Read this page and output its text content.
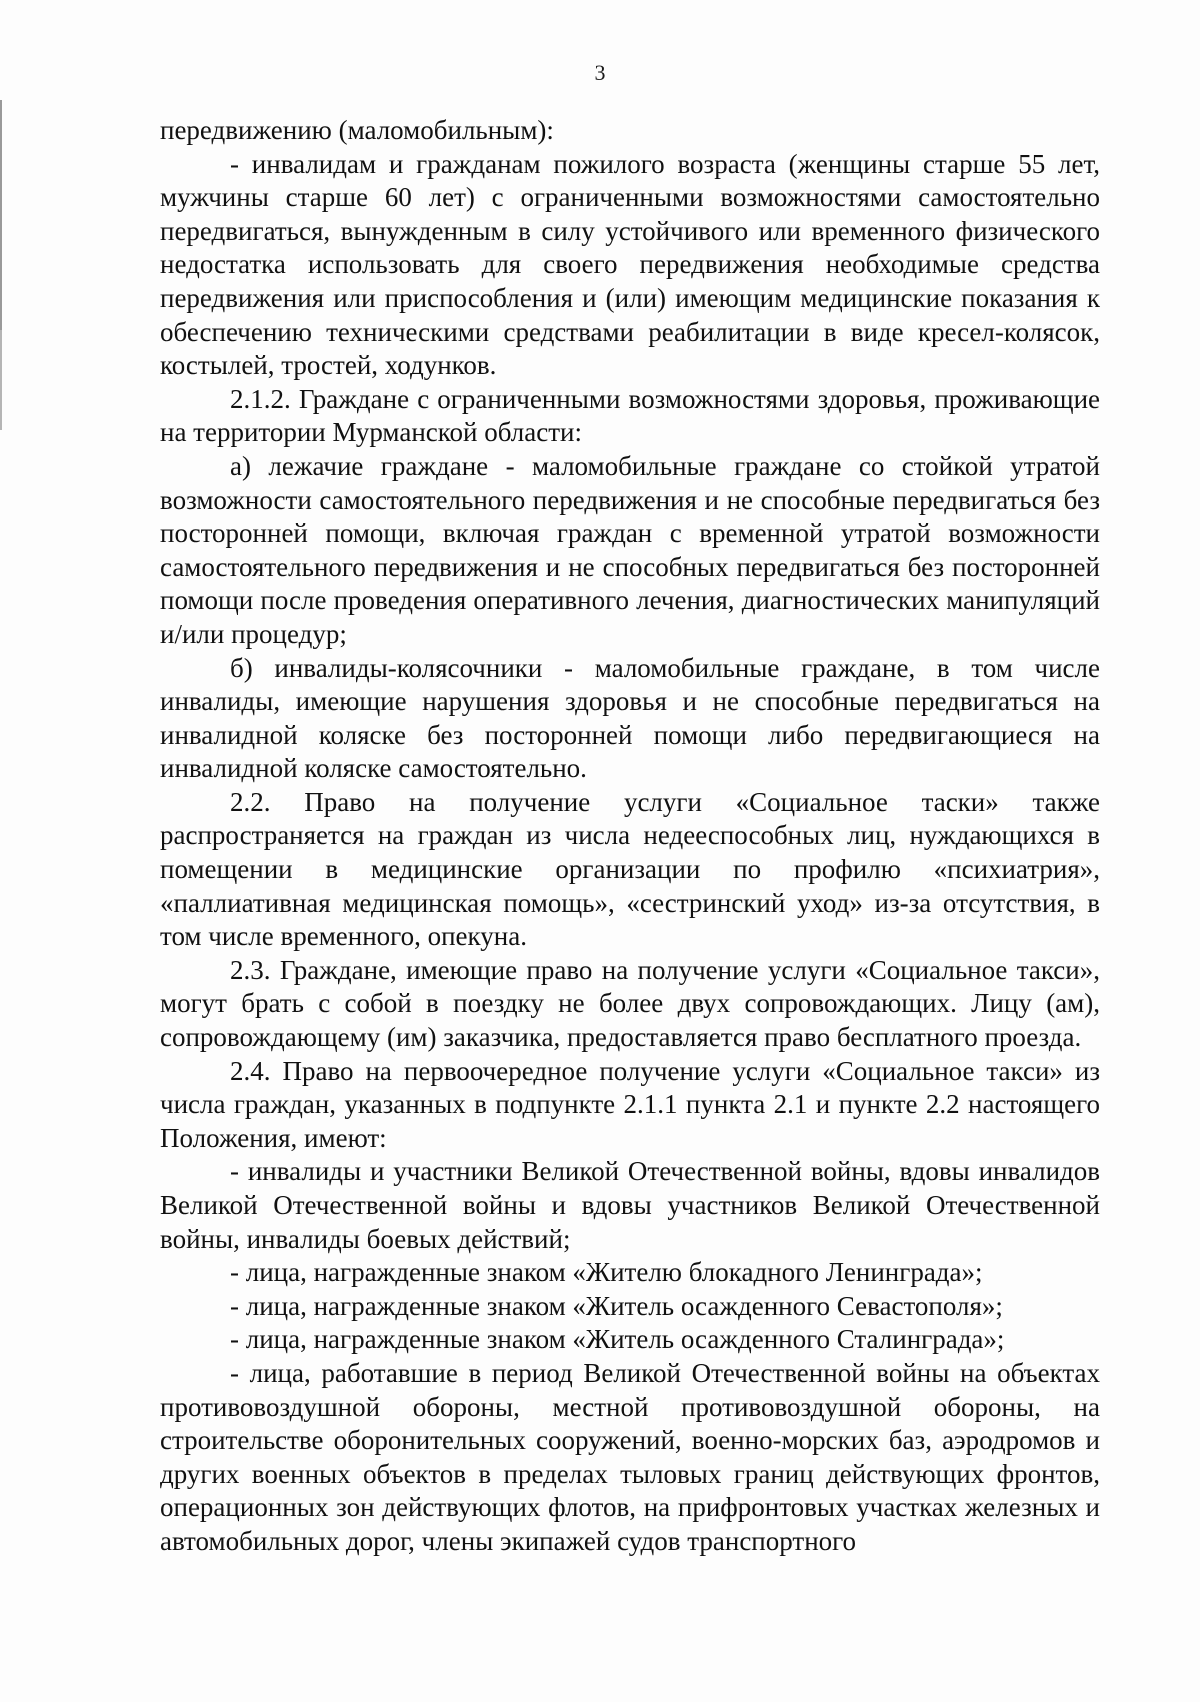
3

передвижению (маломобильным):

- инвалидам и гражданам пожилого возраста (женщины старше 55 лет, мужчины старше 60 лет) с ограниченными возможностями самостоятельно передвигаться, вынужденным в силу устойчивого или временного физического недостатка использовать для своего передвижения необходимые средства передвижения или приспособления и (или) имеющим медицинские показания к обеспечению техническими средствами реабилитации в виде кресел-колясок, костылей, тростей, ходунков.

2.1.2. Граждане с ограниченными возможностями здоровья, проживающие на территории Мурманской области:

а) лежачие граждане - маломобильные граждане со стойкой утратой возможности самостоятельного передвижения и не способные передвигаться без посторонней помощи, включая граждан с временной утратой возможности самостоятельного передвижения и не способных передвигаться без посторонней помощи после проведения оперативного лечения, диагностических манипуляций и/или процедур;

б) инвалиды-колясочники - маломобильные граждане, в том числе инвалиды, имеющие нарушения здоровья и не способные передвигаться на инвалидной коляске без посторонней помощи либо передвигающиеся на инвалидной коляске самостоятельно.

2.2. Право на получение услуги «Социальное таски» также распространяется на граждан из числа недееспособных лиц, нуждающихся в помещении в медицинские организации по профилю «психиатрия», «паллиативная медицинская помощь», «сестринский уход» из-за отсутствия, в том числе временного, опекуна.

2.3. Граждане, имеющие право на получение услуги «Социальное такси», могут брать с собой в поездку не более двух сопровождающих. Лицу (ам), сопровождающему (им) заказчика, предоставляется право бесплатного проезда.

2.4. Право на первоочередное получение услуги «Социальное такси» из числа граждан, указанных в подпункте 2.1.1 пункта 2.1 и пункте 2.2 настоящего Положения, имеют:

- инвалиды и участники Великой Отечественной войны, вдовы инвалидов Великой Отечественной войны и вдовы участников Великой Отечественной войны, инвалиды боевых действий;

- лица, награжденные знаком «Жителю блокадного Ленинграда»;

- лица, награжденные знаком «Житель осажденного Севастополя»;

- лица, награжденные знаком «Житель осажденного Сталинграда»;

- лица, работавшие в период Великой Отечественной войны на объектах противовоздушной обороны, местной противовоздушной обороны, на строительстве оборонительных сооружений, военно-морских баз, аэродромов и других военных объектов в пределах тыловых границ действующих фронтов, операционных зон действующих флотов, на прифронтовых участках железных и автомобильных дорог, члены экипажей судов транспортного
